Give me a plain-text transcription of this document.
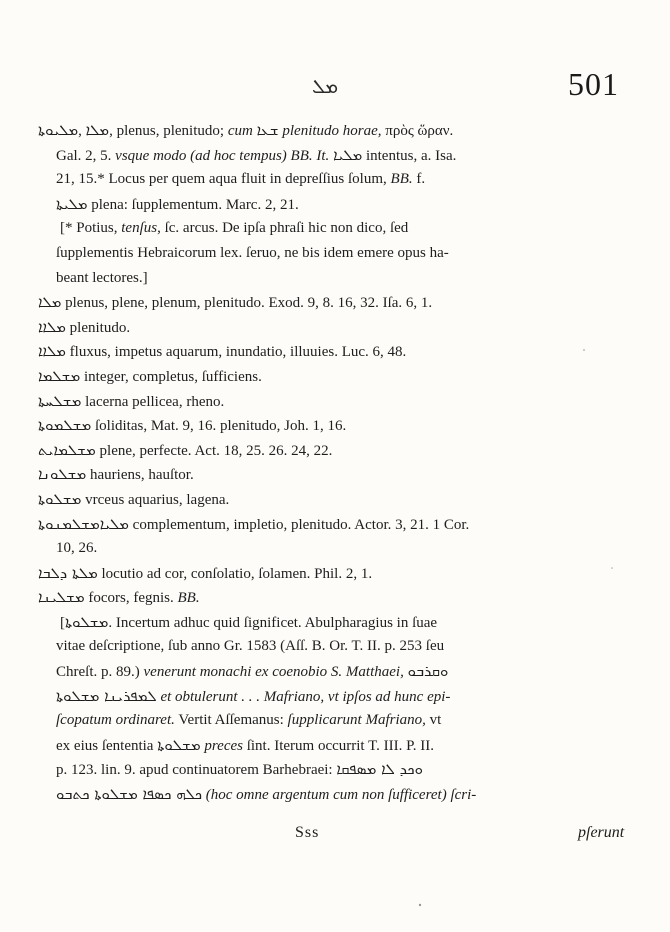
ܡܠ	501
ܡܠܝܘܬܐ, ܡܠܐ, plenus, plenitudo; cum ܫܥܐ plenitudo horae, πρὸς ὥραν.
Gal. 2, 5. vsque modo (ad hoc tempus) BB. It. ܡܠܝܐ intentus, a. Isa.
21, 15.* Locus per quem aqua fluit in depreſſius ſolum, BB. f.
ܡܠܝܬܐ plena: ſupplementum. Marc. 2, 21.
[* Potius, tenſus, ſc. arcus. De ipſa phraſi hic non dico, ſed
ſupplementis Hebraicorum lex. ſeruo, ne bis idem emere opus ha-
beant lectores.]
ܡܠܐ plenus, plene, plenum, plenitudo. Exod. 9, 8. 16, 32. Iſa. 6, 1.
ܡܠܐܐ plenitudo.
ܡܠܐܐ fluxus, impetus aquarum, inundatio, illuuies. Luc. 6, 48.
ܡܫܠܡܐ integer, completus, ſufficiens.
ܡܫܠܚܬܐ lacerna pellicea, rheno.
ܡܫܠܡܘܬܐ ſoliditas, Mat. 9, 16. plenitudo, Joh. 1, 16.
ܡܫܠܡܐܝܬ plene, perfecte. Act. 18, 25. 26. 24, 22.
ܡܫܠܘܢܐ hauriens, hauſtor.
ܡܫܠܘܬܐ vrceus aquarius, lagena.
ܡܫܠܡܢܘܬܐܡܠܝܐ complementum, impletio, plenitudo. Actor. 3, 21. 1 Cor.
10, 26.
ܡܠܬܐ ܕܠܒܐ locutio ad cor, conſolatio, ſolamen. Phil. 2, 1.
ܡܫܠܝܢܐ focors, fegnis. BB.
[ܡܫܠܘܬܐ. Incertum adhuc quid ſignificet. Abulpharagius in ſuae
vitae deſcriptione, ſub anno Gr. 1583 (Aſſ. B. Or. T. II. p. 253 ſeu
Chreſt. p. 89.) venerunt monachi ex coenobio S. Matthaei, ܘܩܪܒܘ
ܠܡܦܪܝܢܐ ܡܫܠܘܬܐ et obtulerunt . . . Mafriano, vt ipſos ad hunc epi-
ſcopatum ordinaret. Vertit Aſſemanus: ſupplicarunt Mafriano, vt
ex eius ſententia ܡܫܠܘܬܐ preces ſint. Iterum occurrit T. III. P. II.
p. 123. lin. 9. apud continuatorem Barhebraei: ܘܟܕ ܠܐ ܡܣܦܩܐ
ܟܠܗ ܟܣܦܐ ܡܫܠܘܬܐ ܟܬܒܘ (hoc omne argentum cum non ſufficeret) ſcri-
Sss	pſerunt
